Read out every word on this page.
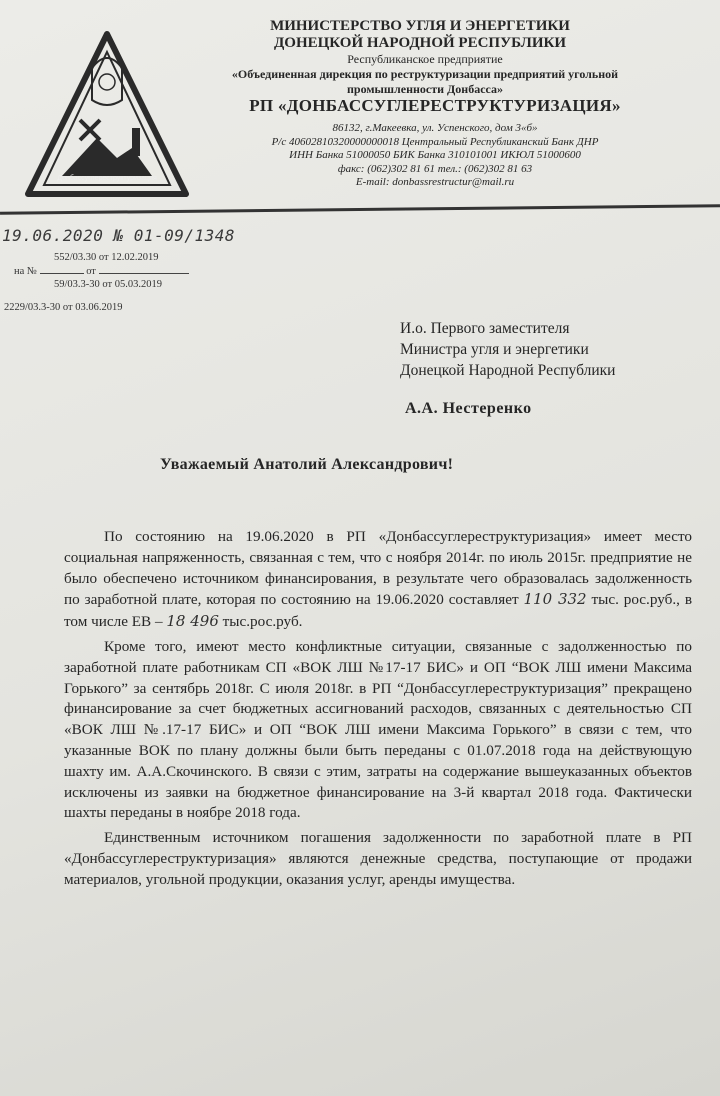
Донбассуглереструктуризация
МИНИСТЕРСТВО УГЛЯ И ЭНЕРГЕТИКИ
ДОНЕЦКОЙ НАРОДНОЙ РЕСПУБЛИКИ
Республиканское предприятие
«Объединенная дирекция по реструктуризации предприятий угольной
промышленности Донбасса»
РП «ДОНБАССУГЛЕРЕСТРУКТУРИЗАЦИЯ»
86132, г.Макеевка, ул. Успенского, дом 3«б»
Р/с 40602810320000000018 Центральный Республиканский Банк ДНР
ИНН Банка 51000050 БИК Банка 310101001 ИКЮЛ 51000600
факс: (062)302 81 61 тел.: (062)302 81 63
E-mail: donbassrestructur@mail.ru
19.06.2020 № 01-09/1348
552/03.30 от 12.02.2019
на №	от
59/03.3-30 от 05.03.2019
2229/03.3-30 от 03.06.2019
И.о. Первого заместителя
Министра угля и энергетики
Донецкой Народной Республики
А.А. Нестеренко
Уважаемый Анатолий Александрович!

По состоянию на 19.06.2020 в РП «Донбассуглереструктуризация» имеет место социальная напряженность, связанная с тем, что с ноября 2014г. по июль 2015г. предприятие не было обеспечено источником финансирования, в результате чего образовалась задолженность по заработной плате, которая по состоянию на 19.06.2020 составляет 110 332 тыс. рос.руб., в том числе ЕВ – 18 496 тыс.рос.руб.

Кроме того, имеют место конфликтные ситуации, связанные с задолженностью по заработной плате работникам СП «ВОК ЛШ №17-17 БИС» и ОП “ВОК ЛШ имени Максима Горького” за сентябрь 2018г. С июля 2018г. в РП “Донбассуглереструктуризация” прекращено финансирование за счет бюджетных ассигнований расходов, связанных с деятельностью СП «ВОК ЛШ №.17-17 БИС» и ОП “ВОК ЛШ имени Максима Горького” в связи с тем, что указанные ВОК по плану должны были быть переданы с 01.07.2018 года на действующую шахту им. А.А.Скочинского. В связи с этим, затраты на содержание вышеуказанных объектов исключены из заявки на бюджетное финансирование на 3-й квартал 2018 года. Фактически шахты переданы в ноябре 2018 года.

Единственным источником погашения задолженности по заработной плате в РП «Донбассуглереструктуризация» являются денежные средства, поступающие от продажи материалов, угольной продукции, оказания услуг, аренды имущества.
